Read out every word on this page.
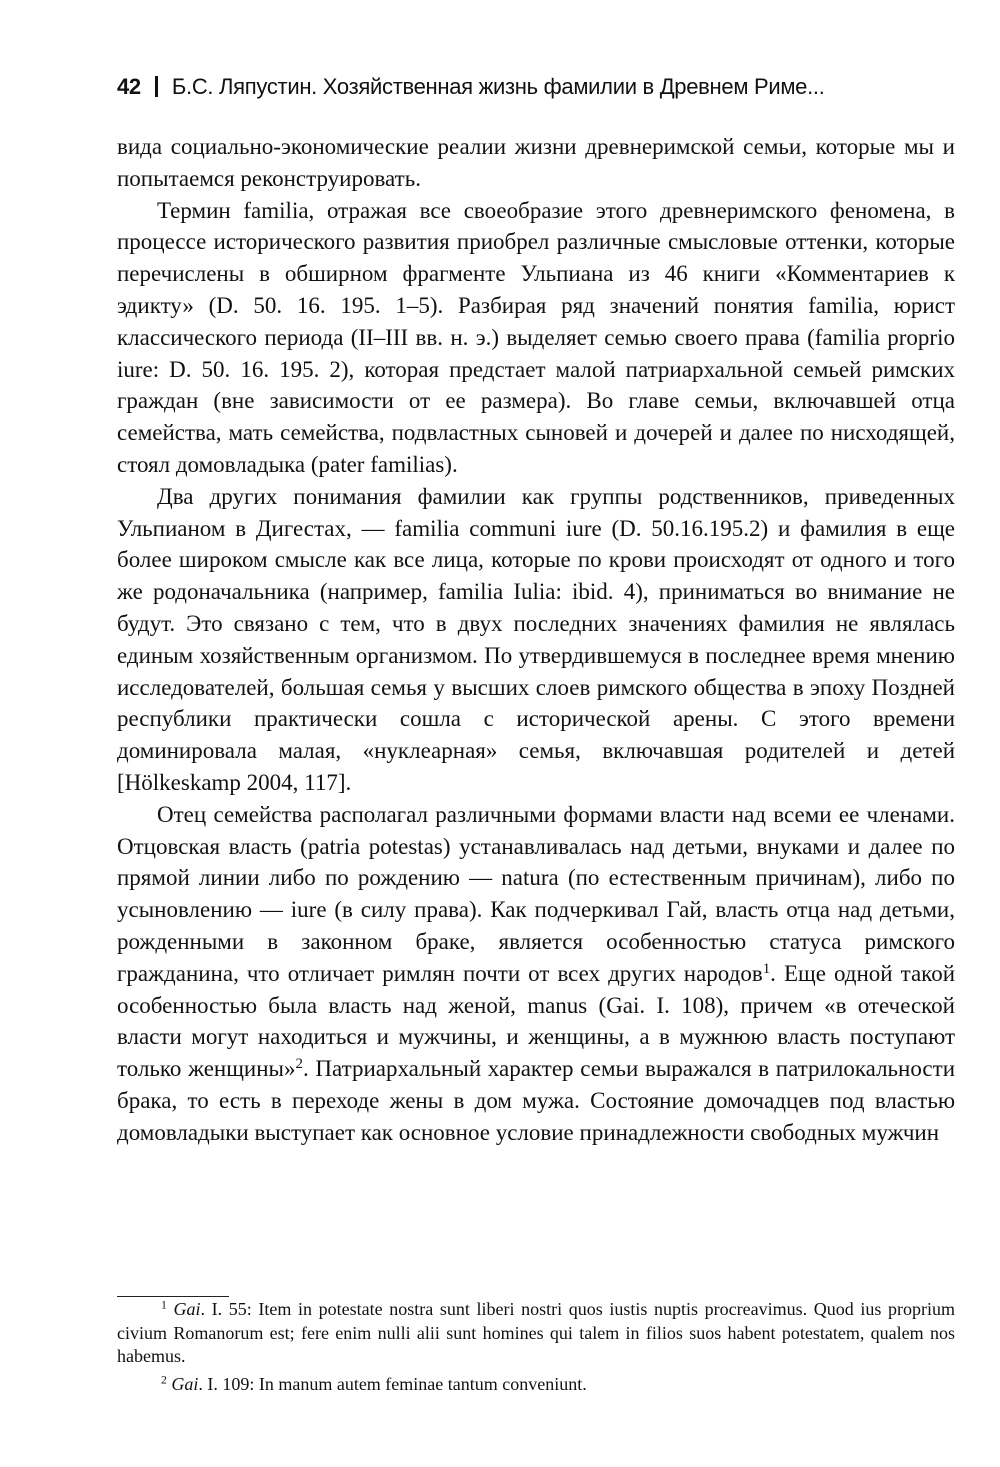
42 Б.С. Ляпустин. Хозяйственная жизнь фамилии в Древнем Риме...

вида социально-экономические реалии жизни древнеримской семьи, которые мы и попытаемся реконструировать.

Термин familia, отражая все своеобразие этого древнеримского феномена, в процессе исторического развития приобрел различные смысловые оттенки, которые перечислены в обширном фрагменте Ульпиана из 46 книги «Комментариев к эдикту» (D. 50. 16. 195. 1–5). Разбирая ряд значений понятия familia, юрист классического периода (II–III вв. н. э.) выделяет семью своего права (familia proprio iure: D. 50. 16. 195. 2), которая предстает малой патриархальной семьей римских граждан (вне зависимости от ее размера). Во главе семьи, включавшей отца семейства, мать семейства, подвластных сыновей и дочерей и далее по нисходящей, стоял домовладыка (pater familias).

Два других понимания фамилии как группы родственников, приведенных Ульпианом в Дигестах, — familia communi iure (D. 50.16.195.2) и фамилия в еще более широком смысле как все лица, которые по крови происходят от одного и того же родоначальника (например, familia Iulia: ibid. 4), приниматься во внимание не будут. Это связано с тем, что в двух последних значениях фамилия не являлась единым хозяйственным организмом. По утвердившемуся в последнее время мнению исследователей, большая семья у высших слоев римского общества в эпоху Поздней республики практически сошла с исторической арены. С этого времени доминировала малая, «нуклеарная» семья, включавшая родителей и детей [Hölkeskamp 2004, 117].

Отец семейства располагал различными формами власти над всеми ее членами. Отцовская власть (patria potestas) устанавливалась над детьми, внуками и далее по прямой линии либо по рождению — natura (по естественным причинам), либо по усыновлению — iure (в силу права). Как подчеркивал Гай, власть отца над детьми, рожденными в законном браке, является особенностью статуса римского гражданина, что отличает римлян почти от всех других народов$^1$. Еще одной такой особенностью была власть над женой, manus (Gai. I. 108), причем «в отеческой власти могут находиться и мужчины, и женщины, а в мужнюю власть поступают только женщины»$^2$. Патриархальный характер семьи выражался в патрилокальности брака, то есть в переходе жены в дом мужа. Состояние домочадцев под властью домовладыки выступает как основное условие принадлежности свободных мужчин

$^1$ Gai. I. 55: Item in potestate nostra sunt liberi nostri quos iustis nuptis procreavimus. Quod ius proprium civium Romanorum est; fere enim nulli alii sunt homines qui talem in filios suos habent potestatem, qualem nos habemus.

$^2$ Gai. I. 109: In manum autem feminae tantum conveniunt.
